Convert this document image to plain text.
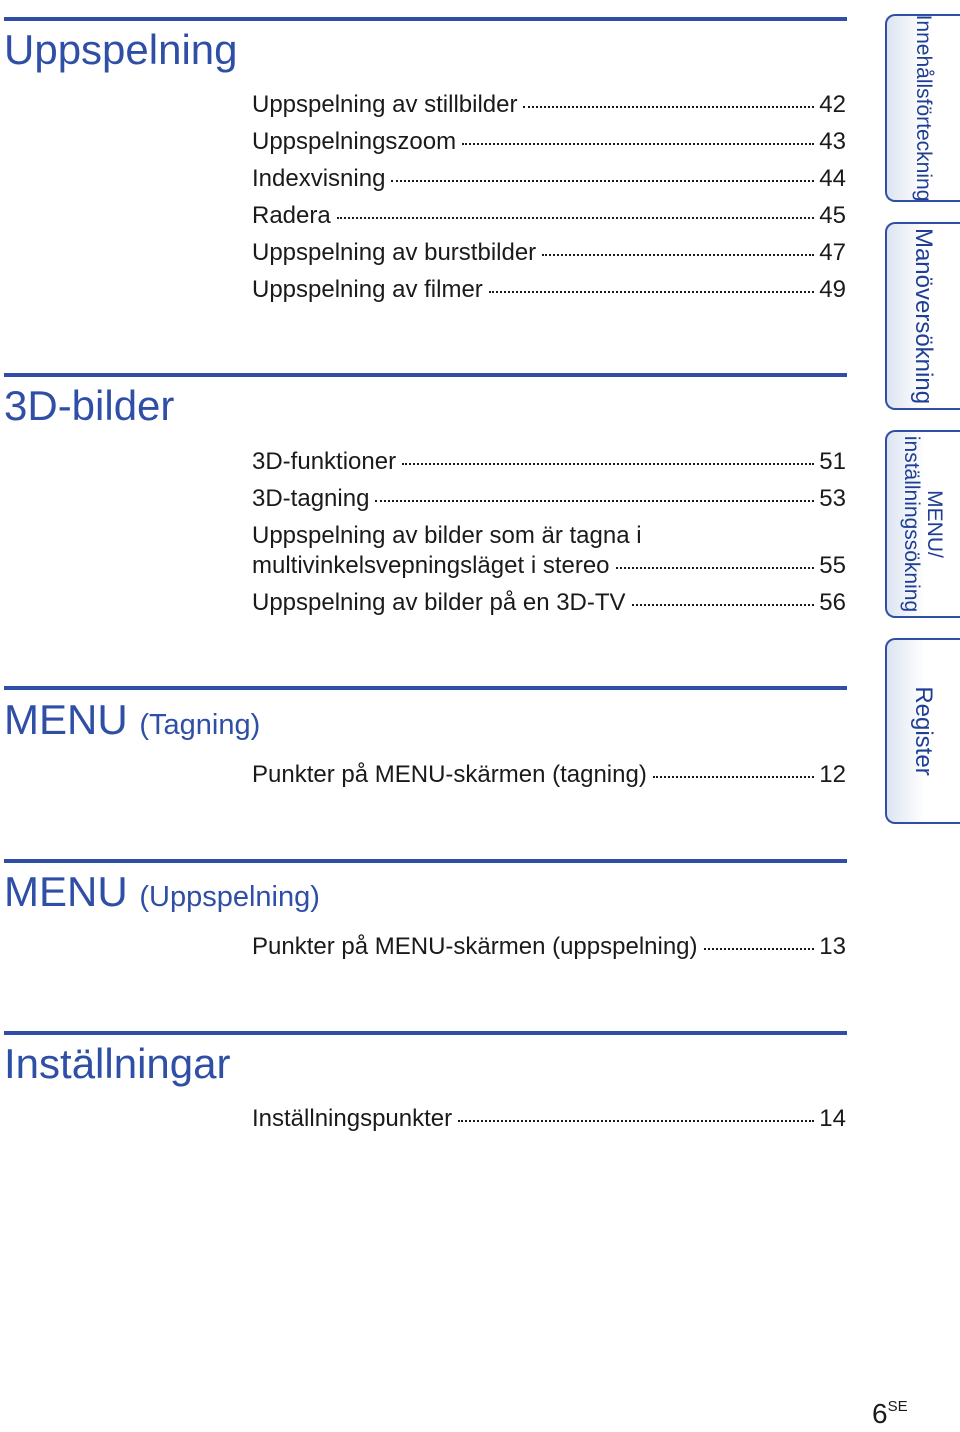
Uppspelning
Uppspelning av stillbilder	42
Uppspelningszoom	43
Indexvisning	44
Radera	45
Uppspelning av burstbilder	47
Uppspelning av filmer	49
3D-bilder
3D-funktioner	51
3D-tagning	53
Uppspelning av bilder som är tagna i
multivinkelsvepningsläget i stereo	55
Uppspelning av bilder på en 3D-TV	56
MENU (Tagning)
Punkter på MENU-skärmen (tagning)	12
MENU (Uppspelning)
Punkter på MENU-skärmen (uppspelning)	13
Inställningar
Inställningspunkter	14
Innehållsförteckning
Manöversökning
MENU/
inställningssökning
Register
$6^{SE}$
